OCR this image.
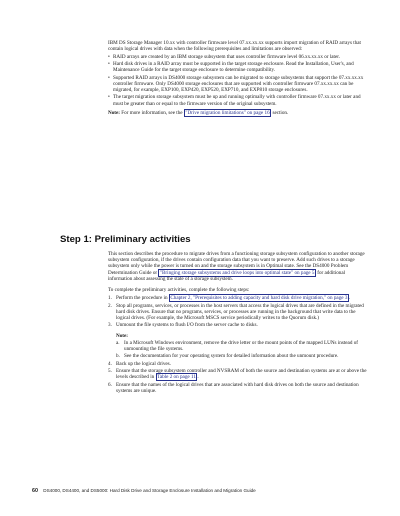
IBM DS Storage Manager 10.xx with controller firmware level 07.xx.xx.xx supports import migration of RAID arrays that contain logical drives with data when the following prerequisites and limitations are observed:

• RAID arrays are created by an IBM storage subsystem that uses controller firmware level 06.xx.xx.xx or later.
• Hard disk drives in a RAID array must be supported in the target storage enclosure. Read the Installation, User's, and Maintenance Guide for the target storage enclosure to determine compatibility.
• Supported RAID arrays in DS4000 storage subsystem can be migrated to storage subsystems that support the 07.xx.xx.xx controller firmware. Only DS4000 storage enclosures that are supported with controller firmware 07.xx.xx.xx can be migrated, for example, EXP100, EXP420, EXP520, EXP710, and EXP810 storage enclosures.
• The target migration storage subsystem must be up and running optimally with controller firmware 07.xx.xx or later and must be greater than or equal to the firmware version of the original subsystem.

Note: For more information, see the "Drive migration limitations" on page 16 section.

Step 1: Preliminary activities

This section describes the procedure to migrate drives from a functioning storage subsystem configuration to another storage subsystem configuration, if the drives contain configuration data that you want to preserve. Add such drives to a storage subsystem only while the power is turned on and the storage subsystem is in Optimal state. See the DS4000 Problem Determination Guide or "Bringing storage subsystems and drive loops into optimal state" on page 5 for additional information about assessing the state of a storage subsystem.

To complete the preliminary activities, complete the following steps:

1. Perform the procedure in Chapter 2, "Prerequisites to adding capacity and hard disk drive migration," on page 3 .
2. Stop all programs, services, or processes in the host servers that access the logical drives that are defined in the migrated hard disk drives. Ensure that no programs, services, or processes are running in the background that write data to the logical drives. (For example, the Microsoft MSCS service periodically writes to the Quorum disk.)
3. Unmount the file systems to flush I/O from the server cache to disks.
Note:
a. In a Microsoft Windows environment, remove the drive letter or the mount points of the mapped LUNs instead of unmounting the file systems.
b. See the documentation for your operating system for detailed information about the unmount procedure.
4. Back up the logical drives.
5. Ensure that the storage subsystem controller and NVSRAM of both the source and destination systems are at or above the levels described in Table 2 on page 11 .
6. Ensure that the names of the logical drives that are associated with hard disk drives on both the source and destination systems are unique.
60 DS4000, DS4400, and DS5000: Hard Disk Drive and Storage Enclosure Installation and Migration Guide
